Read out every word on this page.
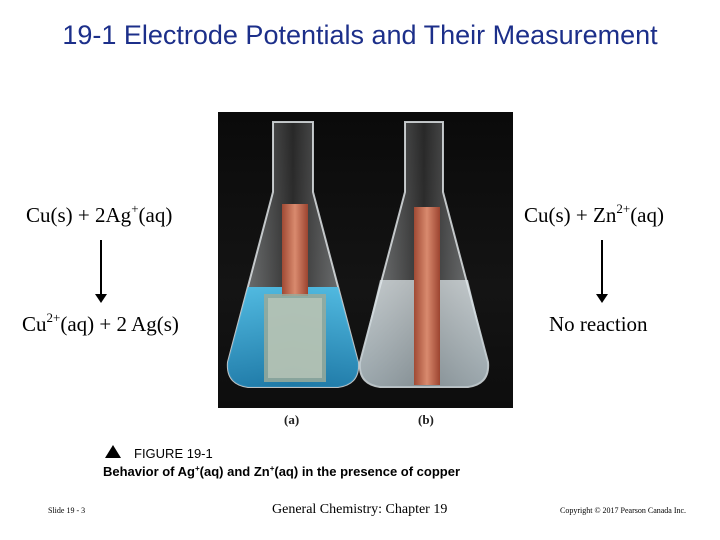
19-1 Electrode Potentials and Their Measurement
(a)	(b)
Cu(s) + 2Ag+(aq)
$Cu^{2+}(aq) + 2$ Ag(s)
$Cu(s) + Zn^{2+}(aq)$
No reaction
FIGURE 19-1
Behavior of Ag+(aq) and Zn+(aq) in the presence of copper
Slide 19 - 3	General Chemistry: Chapter 19	Copyright © 2017 Pearson Canada Inc.
